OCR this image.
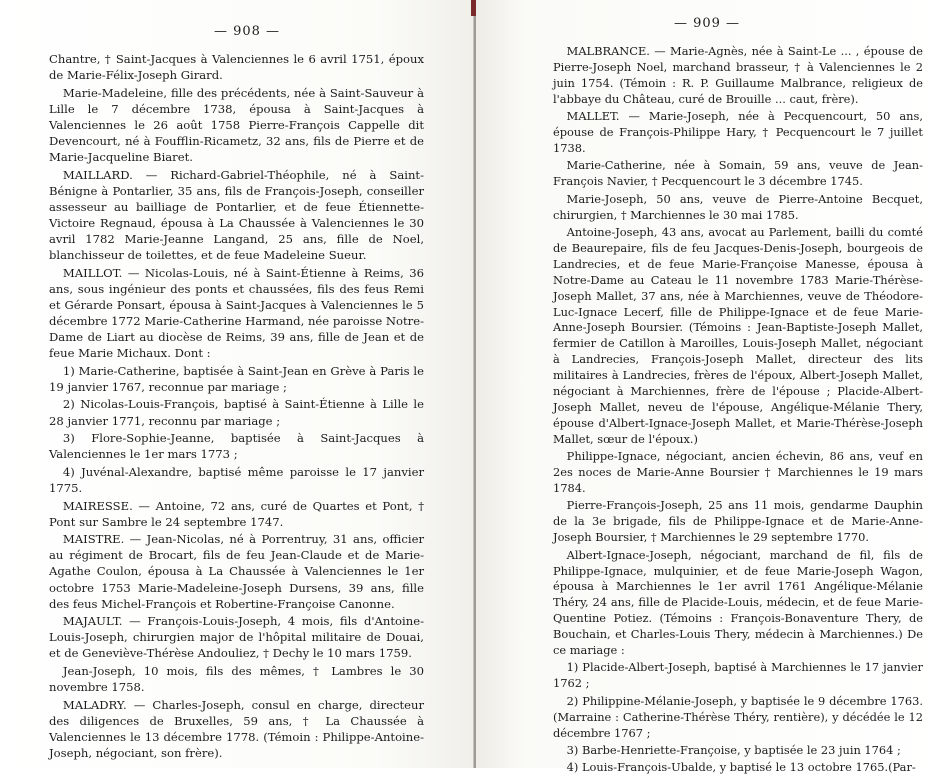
— 908 —

Chantre, † Saint-Jacques à Valenciennes le 6 avril 1751, époux de Marie-Félix-Joseph Girard.

Marie-Madeleine, fille des précédents, née à Saint-Sauveur à Lille le 7 décembre 1738, épousa à Saint-Jacques à Valenciennes le 26 août 1758 Pierre-François Cappelle dit Devencourt, né à Foufflin-Ricametz, 32 ans, fils de Pierre et de Marie-Jacqueline Biaret.

MAILLARD. — Richard-Gabriel-Théophile, né à Saint-Bénigne à Pontarlier, 35 ans, fils de François-Joseph, conseiller assesseur au bailliage de Pontarlier, et de feue Étiennette-Victoire Regnaud, épousa à La Chaussée à Valenciennes le 30 avril 1782 Marie-Jeanne Langand, 25 ans, fille de Noel, blanchisseur de toilettes, et de feue Madeleine Sueur.

MAILLOT. — Nicolas-Louis, né à Saint-Étienne à Reims, 36 ans, sous ingénieur des ponts et chaussées, fils des feus Remi et Gérarde Ponsart, épousa à Saint-Jacques à Valenciennes le 5 décembre 1772 Marie-Catherine Harmand, née paroisse Notre-Dame de Liart au diocèse de Reims, 39 ans, fille de Jean et de feue Marie Michaux. Dont :

1) Marie-Catherine, baptisée à Saint-Jean en Grève à Paris le 19 janvier 1767, reconnue par mariage ;

2) Nicolas-Louis-François, baptisé à Saint-Étienne à Lille le 28 janvier 1771, reconnu par mariage ;

3) Flore-Sophie-Jeanne, baptisée à Saint-Jacques à Valenciennes le 1er mars 1773 ;

4) Juvénal-Alexandre, baptisé même paroisse le 17 janvier 1775.

MAIRESSE. — Antoine, 72 ans, curé de Quartes et Pont, † Pont sur Sambre le 24 septembre 1747.

MAISTRE. — Jean-Nicolas, né à Porrentruy, 31 ans, officier au régiment de Brocart, fils de feu Jean-Claude et de Marie-Agathe Coulon, épousa à La Chaussée à Valenciennes le 1er octobre 1753 Marie-Madeleine-Joseph Dursens, 39 ans, fille des feus Michel-François et Robertine-Françoise Canonne.

MAJAULT. — François-Louis-Joseph, 4 mois, fils d'Antoine-Louis-Joseph, chirurgien major de l'hôpital militaire de Douai, et de Geneviève-Thérèse Andouliez, † Dechy le 10 mars 1759.

Jean-Joseph, 10 mois, fils des mêmes, † Lambres le 30 novembre 1758.

MALADRY. — Charles-Joseph, consul en charge, directeur des diligences de Bruxelles, 59 ans, † La Chaussée à Valenciennes le 13 décembre 1778. (Témoin : Philippe-Antoine-Joseph, négociant, son frère).

— 909 —

MALBRANCE. — Marie-Agnès, née à Saint-Le ... , épouse de Pierre-Joseph Noel, marchand brasseur, † à Valenciennes le 2 juin 1754. (Témoin : R. P. Guillaume Malbrance, religieux de l'abbaye du Château, curé de Brouille ... caut, frère).

MALLET. — Marie-Joseph, née à Pecquencourt, 50 ans, épouse de François-Philippe Hary, † Pecquencourt le 7 juillet 1738.

Marie-Catherine, née à Somain, 59 ans, veuve de Jean-François Navier, † Pecquencourt le 3 décembre 1745.

Marie-Joseph, 50 ans, veuve de Pierre-Antoine Becquet, chirurgien, † Marchiennes le 30 mai 1785.

Antoine-Joseph, 43 ans, avocat au Parlement, bailli du comté de Beaurepaire, fils de feu Jacques-Denis-Joseph, bourgeois de Landrecies, et de feue Marie-Françoise Manesse, épousa à Notre-Dame au Cateau le 11 novembre 1783 Marie-Thérèse-Joseph Mallet, 37 ans, née à Marchiennes, veuve de Théodore-Luc-Ignace Lecerf, fille de Philippe-Ignace et de feue Marie-Anne-Joseph Boursier. (Témoins : Jean-Baptiste-Joseph Mallet, fermier de Catillon à Maroilles, Louis-Joseph Mallet, négociant à Landrecies, François-Joseph Mallet, directeur des lits militaires à Landrecies, frères de l'époux, Albert-Joseph Mallet, négociant à Marchiennes, frère de l'épouse ; Placide-Albert-Joseph Mallet, neveu de l'épouse, Angélique-Mélanie Thery, épouse d'Albert-Ignace-Joseph Mallet, et Marie-Thérèse-Joseph Mallet, sœur de l'époux.)

Philippe-Ignace, négociant, ancien échevin, 86 ans, veuf en 2es noces de Marie-Anne Boursier † Marchiennes le 19 mars 1784.

Pierre-François-Joseph, 25 ans 11 mois, gendarme Dauphin de la 3e brigade, fils de Philippe-Ignace et de Marie-Anne-Joseph Boursier, † Marchiennes le 29 septembre 1770.

Albert-Ignace-Joseph, négociant, marchand de fil, fils de Philippe-Ignace, mulquinier, et de feue Marie-Joseph Wagon, épousa à Marchiennes le 1er avril 1761 Angélique-Mélanie Théry, 24 ans, fille de Placide-Louis, médecin, et de feue Marie-Quentine Potiez. (Témoins : François-Bonaventure Thery, de Bouchain, et Charles-Louis Thery, médecin à Marchiennes.) De ce mariage :

1) Placide-Albert-Joseph, baptisé à Marchiennes le 17 janvier 1762 ;

2) Philippine-Mélanie-Joseph, y baptisée le 9 décembre 1763. (Marraine : Catherine-Thérèse Théry, rentière), y décédée le 12 décembre 1767 ;

3) Barbe-Henriette-Françoise, y baptisée le 23 juin 1764 ;

4) Louis-François-Ubalde, y baptisé le 13 octobre 1765.(Par-
